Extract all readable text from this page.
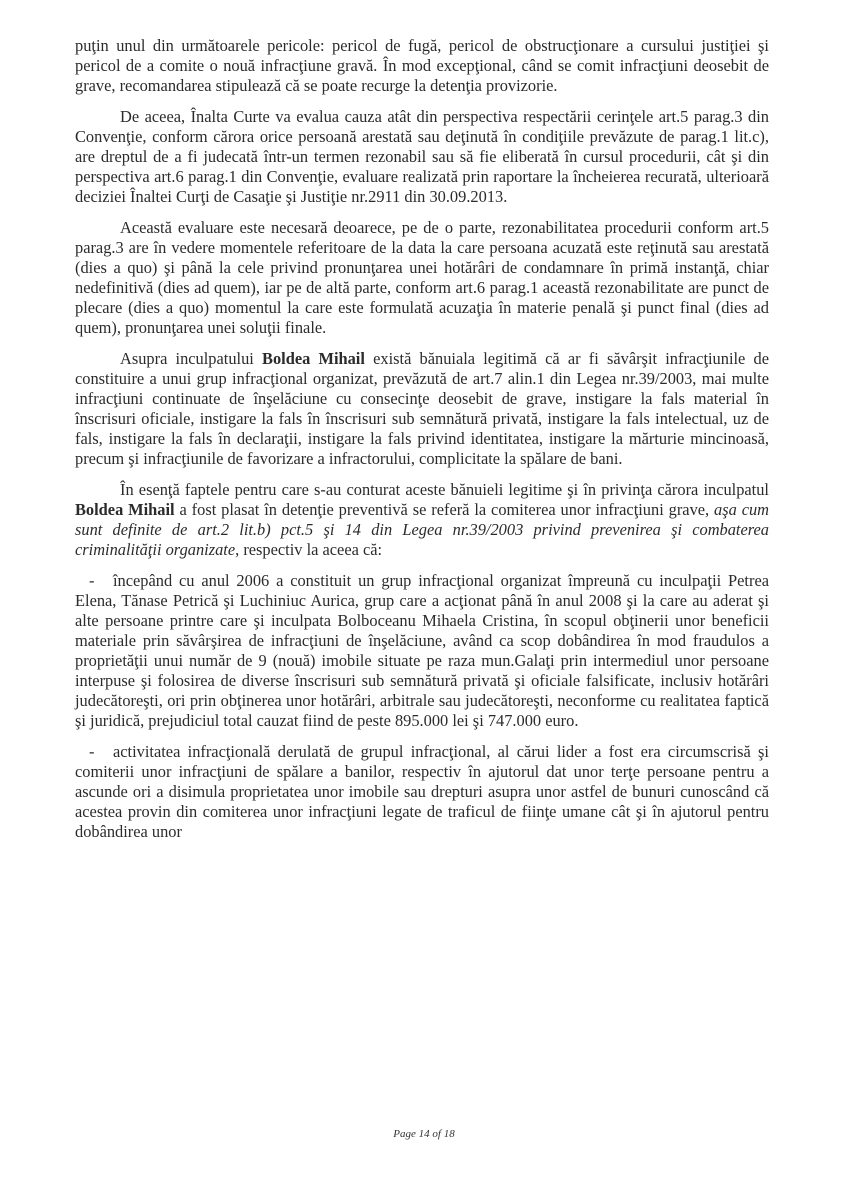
puţin unul din următoarele pericole: pericol de fugă, pericol de obstrucţionare a cursului justiţiei şi pericol de a comite o nouă infracţiune gravă. În mod excepţional, când se comit infracţiuni deosebit de grave, recomandarea stipulează că se poate recurge la detenţia provizorie.

De aceea, Înalta Curte va evalua cauza atât din perspectiva respectării cerinţele art.5 parag.3 din Convenţie, conform cărora orice persoană arestată sau deţinută în condiţiile prevăzute de parag.1 lit.c), are dreptul de a fi judecată într-un termen rezonabil sau să fie eliberată în cursul procedurii, cât şi din perspectiva art.6 parag.1 din Convenţie, evaluare realizată prin raportare la încheierea recurată, ulterioară deciziei Înaltei Curţi de Casaţie şi Justiţie nr.2911 din 30.09.2013.

Această evaluare este necesară deoarece, pe de o parte, rezonabilitatea procedurii conform art.5 parag.3 are în vedere momentele referitoare de la data la care persoana acuzată este reţinută sau arestată (dies a quo) şi până la cele privind pronunţarea unei hotărâri de condamnare în primă instanţă, chiar nedefinitivă (dies ad quem), iar pe de altă parte, conform art.6 parag.1 această rezonabilitate are punct de plecare (dies a quo) momentul la care este formulată acuzaţia în materie penală şi punct final (dies ad quem), pronunţarea unei soluţii finale.

Asupra inculpatului Boldea Mihail există bănuiala legitimă că ar fi săvârşit infracţiunile de constituire a unui grup infracţional organizat, prevăzută de art.7 alin.1 din Legea nr.39/2003, mai multe infracţiuni continuate de înşelăciune cu consecinţe deosebit de grave, instigare la fals material în înscrisuri oficiale, instigare la fals în înscrisuri sub semnătură privată, instigare la fals intelectual, uz de fals, instigare la fals în declaraţii, instigare la fals privind identitatea, instigare la mărturie mincinoasă, precum şi infracţiunile de favorizare a infractorului, complicitate la spălare de bani.

În esenţă faptele pentru care s-au conturat aceste bănuieli legitime şi în privinţa cărora inculpatul Boldea Mihail a fost plasat în detenţie preventivă se referă la comiterea unor infracţiuni grave, aşa cum sunt definite de art.2 lit.b) pct.5 şi 14 din Legea nr.39/2003 privind prevenirea şi combaterea criminalităţii organizate, respectiv la aceea că:

- începând cu anul 2006 a constituit un grup infracţional organizat împreună cu inculpaţii Petrea Elena, Tănase Petrică şi Luchiniuc Aurica, grup care a acţionat până în anul 2008 şi la care au aderat şi alte persoane printre care şi inculpata Bolboceanu Mihaela Cristina, în scopul obţinerii unor beneficii materiale prin săvârşirea de infracţiuni de înşelăciune, având ca scop dobândirea în mod fraudulos a proprietăţii unui număr de 9 (nouă) imobile situate pe raza mun.Galaţi prin intermediul unor persoane interpuse şi folosirea de diverse înscrisuri sub semnătură privată şi oficiale falsificate, inclusiv hotărâri judecătoreşti, ori prin obţinerea unor hotărâri, arbitrale sau judecătoreşti, neconforme cu realitatea faptică şi juridică, prejudiciul total cauzat fiind de peste 895.000 lei şi 747.000 euro.

- activitatea infracţională derulată de grupul infracţional, al cărui lider a fost era circumscrisă şi comiterii unor infracţiuni de spălare a banilor, respectiv în ajutorul dat unor terţe persoane pentru a ascunde ori a disimula proprietatea unor imobile sau drepturi asupra unor astfel de bunuri cunoscând că acestea provin din comiterea unor infracţiuni legate de traficul de fiinţe umane cât şi în ajutorul pentru dobândirea unor

Page 14 of 18
